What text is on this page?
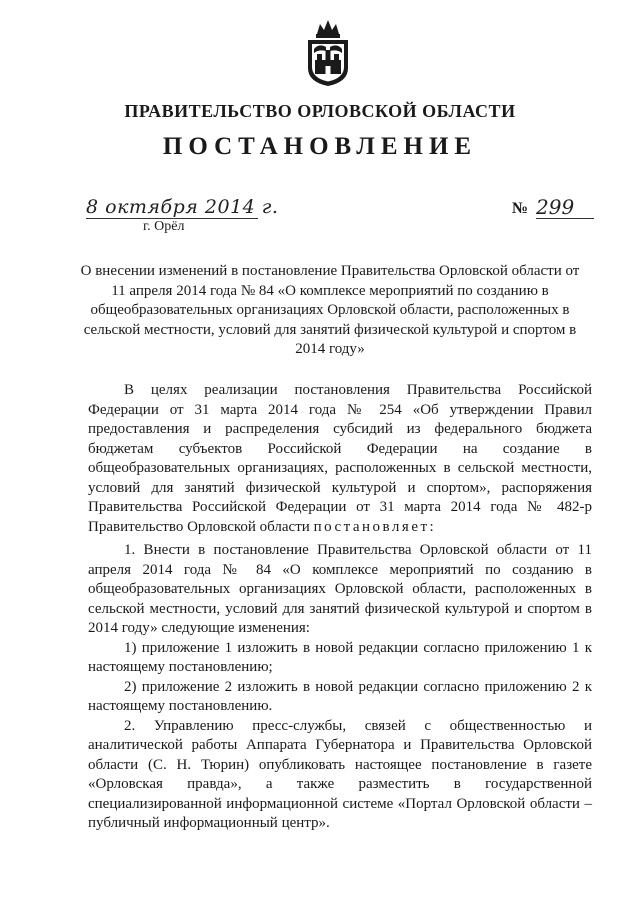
ПРАВИТЕЛЬСТВО ОРЛОВСКОЙ ОБЛАСТИ
ПОСТАНОВЛЕНИЕ
8 октября 2014 г.
г. Орёл
№ 299
О внесении изменений в постановление Правительства Орловской области от 11 апреля 2014 года № 84 «О комплексе мероприятий по созданию в общеобразовательных организациях Орловской области, расположенных в сельской местности, условий для занятий физической культурой и спортом в 2014 году»

В целях реализации постановления Правительства Российской Федерации от 31 марта 2014 года № 254 «Об утверждении Правил предоставления и распределения субсидий из федерального бюджета бюджетам субъектов Российской Федерации на создание в общеобразовательных организациях, расположенных в сельской местности, условий для занятий физической культурой и спортом», распоряжения Правительства Российской Федерации от 31 марта 2014 года № 482-р Правительство Орловской области постановляет:

1. Внести в постановление Правительства Орловской области от 11 апреля 2014 года № 84 «О комплексе мероприятий по созданию в общеобразовательных организациях Орловской области, расположенных в сельской местности, условий для занятий физической культурой и спортом в 2014 году» следующие изменения:

1) приложение 1 изложить в новой редакции согласно приложению 1 к настоящему постановлению;

2) приложение 2 изложить в новой редакции согласно приложению 2 к настоящему постановлению.

2. Управлению пресс-службы, связей с общественностью и аналитической работы Аппарата Губернатора и Правительства Орловской области (С. Н. Тюрин) опубликовать настоящее постановление в газете «Орловская правда», а также разместить в государственной специализированной информационной системе «Портал Орловской области – публичный информационный центр».
